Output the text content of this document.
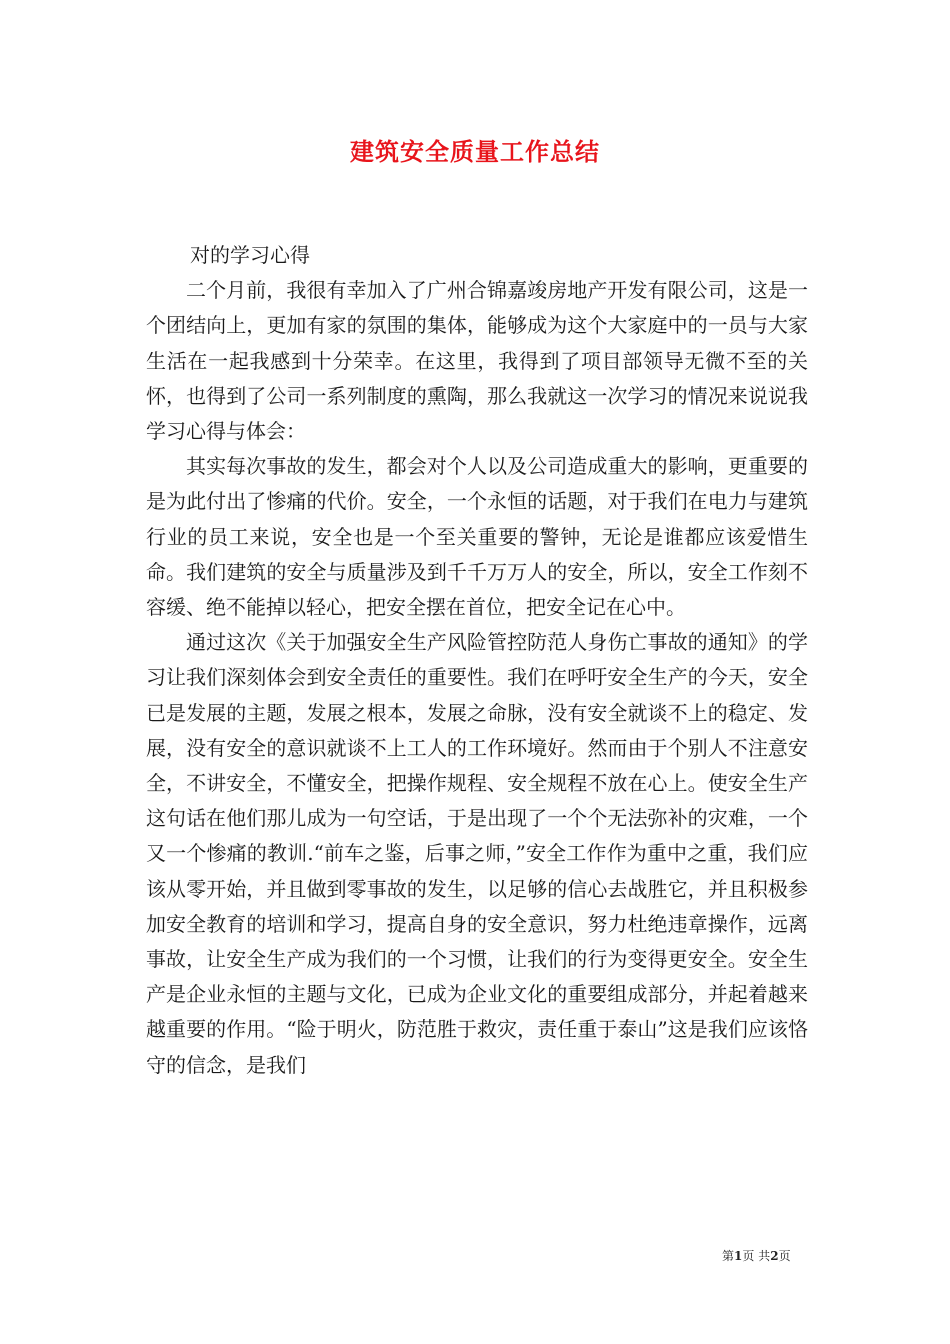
建筑安全质量工作总结

对的学习心得

二个月前，我很有幸加入了广州合锦嘉竣房地产开发有限公司，这是一个团结向上，更加有家的氛围的集体，能够成为这个大家庭中的一员与大家生活在一起我感到十分荣幸。在这里，我得到了项目部领导无微不至的关怀，也得到了公司一系列制度的熏陶，那么我就这一次学习的情况来说说我学习心得与体会：

其实每次事故的发生，都会对个人以及公司造成重大的影响，更重要的是为此付出了惨痛的代价。安全，一个永恒的话题，对于我们在电力与建筑行业的员工来说，安全也是一个至关重要的警钟，无论是谁都应该爱惜生命。我们建筑的安全与质量涉及到千千万万人的安全，所以，安全工作刻不容缓、绝不能掉以轻心，把安全摆在首位，把安全记在心中。

通过这次《关于加强安全生产风险管控防范人身伤亡事故的通知》的学习让我们深刻体会到安全责任的重要性。我们在呼吁安全生产的今天，安全已是发展的主题，发展之根本，发展之命脉，没有安全就谈不上的稳定、发展，没有安全的意识就谈不上工人的工作环境好。然而由于个别人不注意安全，不讲安全，不懂安全，把操作规程、安全规程不放在心上。使安全生产这句话在他们那儿成为一句空话，于是出现了一个个无法弥补的灾难，一个又一个惨痛的教训.“前车之鉴，后事之师，”安全工作作为重中之重，我们应该从零开始，并且做到零事故的发生，以足够的信心去战胜它，并且积极参加安全教育的培训和学习，提高自身的安全意识，努力杜绝违章操作，远离事故，让安全生产成为我们的一个习惯，让我们的行为变得更安全。安全生产是企业永恒的主题与文化，已成为企业文化的重要组成部分，并起着越来越重要的作用。“险于明火，防范胜于救灾，责任重于泰山”这是我们应该恪守的信念，是我们

第1页 共2页
